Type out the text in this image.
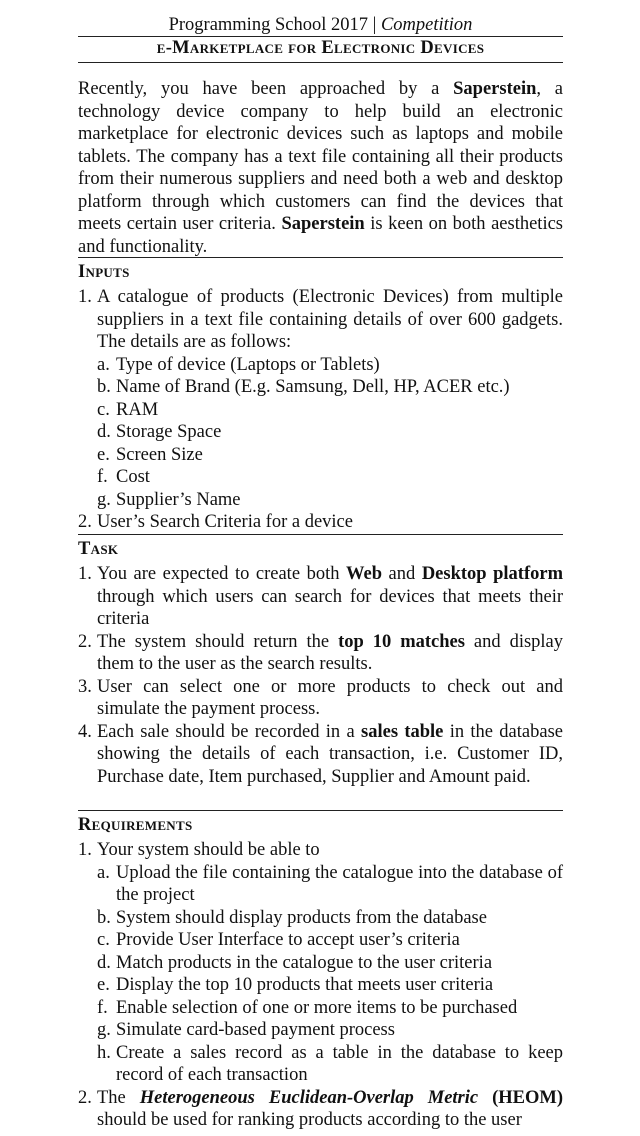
Programming School 2017 | Competition
e-Marketplace for Electronic Devices
Recently, you have been approached by a Saperstein, a technology device company to help build an electronic marketplace for electronic devices such as laptops and mobile tablets. The company has a text file containing all their products from their numerous suppliers and need both a web and desktop platform through which customers can find the devices that meets certain user criteria. Saperstein is keen on both aesthetics and functionality.
Inputs
1. A catalogue of products (Electronic Devices) from multiple suppliers in a text file containing details of over 600 gadgets. The details are as follows:
a. Type of device (Laptops or Tablets)
b. Name of Brand (E.g. Samsung, Dell, HP, ACER etc.)
c. RAM
d. Storage Space
e. Screen Size
f. Cost
g. Supplier’s Name
2. User’s Search Criteria for a device
Task
1. You are expected to create both Web and Desktop platform through which users can search for devices that meets their criteria
2. The system should return the top 10 matches and display them to the user as the search results.
3. User can select one or more products to check out and simulate the payment process.
4. Each sale should be recorded in a sales table in the database showing the details of each transaction, i.e. Customer ID, Purchase date, Item purchased, Supplier and Amount paid.
Requirements
1. Your system should be able to
a. Upload the file containing the catalogue into the database of the project
b. System should display products from the database
c. Provide User Interface to accept user’s criteria
d. Match products in the catalogue to the user criteria
e. Display the top 10 products that meets user criteria
f. Enable selection of one or more items to be purchased
g. Simulate card-based payment process
h. Create a sales record as a table in the database to keep record of each transaction
2. The Heterogeneous Euclidean-Overlap Metric (HEOM) should be used for ranking products according to the user
